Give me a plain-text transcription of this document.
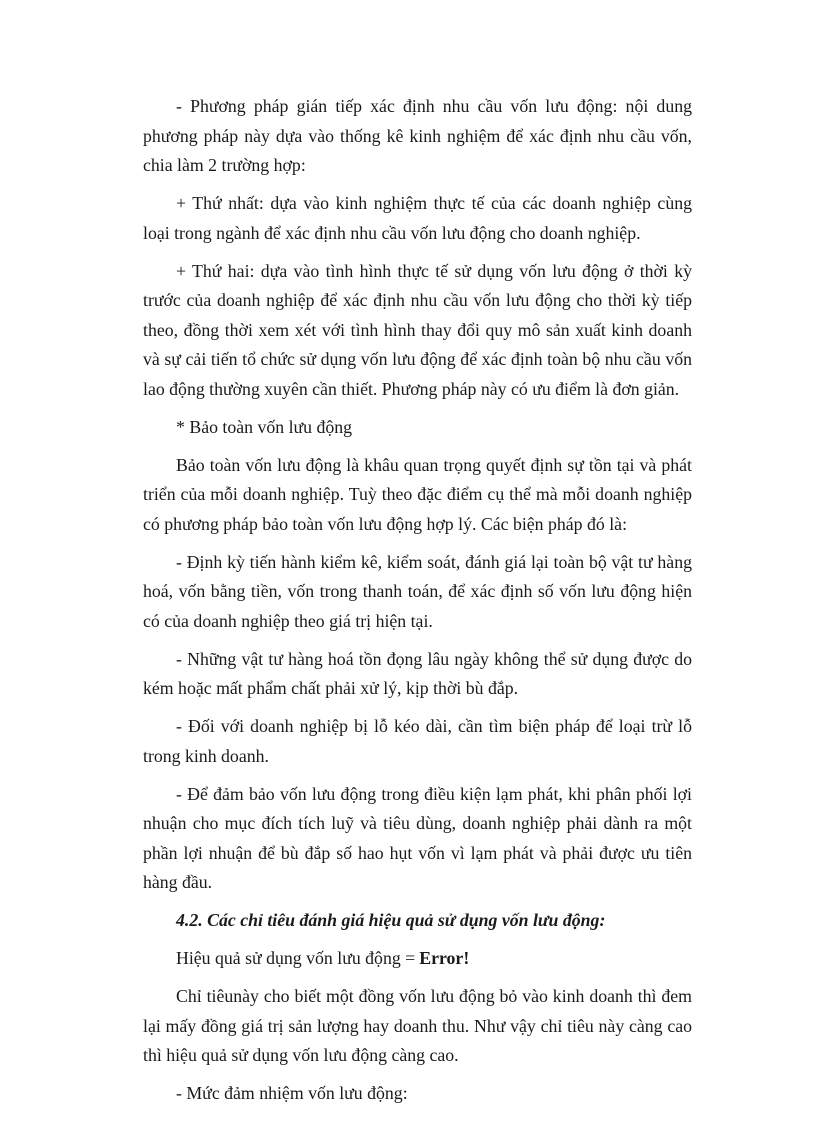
- Phương pháp gián tiếp xác định nhu cầu vốn lưu động: nội dung phương pháp này dựa vào thống kê kinh nghiệm để xác định nhu cầu vốn, chia làm 2 trường hợp:

+ Thứ nhất: dựa vào kinh nghiệm thực tế của các doanh nghiệp cùng loại trong ngành để xác định nhu cầu vốn lưu động cho doanh nghiệp.

+ Thứ hai: dựa vào tình hình thực tế sử dụng vốn lưu động ở thời kỳ trước của doanh nghiệp để xác định nhu cầu vốn lưu động cho thời kỳ tiếp theo, đồng thời xem xét với tình hình thay đổi quy mô sản xuất kinh doanh và sự cải tiến tổ chức sử dụng vốn lưu động để xác định toàn bộ nhu cầu vốn lao động thường xuyên cần thiết. Phương pháp này có ưu điểm là đơn giản.

* Bảo toàn vốn lưu động

Bảo toàn vốn lưu động là khâu quan trọng quyết định sự tồn tại và phát triển của mỗi doanh nghiệp. Tuỳ theo đặc điểm cụ thể mà mỗi doanh nghiệp có phương pháp bảo toàn vốn lưu động hợp lý. Các biện pháp đó là:

- Định kỳ tiến hành kiểm kê, kiểm soát, đánh giá lại toàn bộ vật tư hàng hoá, vốn bằng tiền, vốn trong thanh toán, để xác định số vốn lưu động hiện có của doanh nghiệp theo giá trị hiện tại.

- Những vật tư hàng hoá tồn đọng lâu ngày không thể sử dụng được do kém hoặc mất phẩm chất phải xử lý, kịp thời bù đắp.

- Đối với doanh nghiệp bị lỗ kéo dài, cần tìm biện pháp để loại trừ lỗ trong kinh doanh.

- Để đảm bảo vốn lưu động trong điều kiện lạm phát, khi phân phối lợi nhuận cho mục đích tích luỹ và tiêu dùng, doanh nghiệp phải dành ra một phần lợi nhuận để bù đắp số hao hụt vốn vì lạm phát và phải được ưu tiên hàng đầu.

4.2. Các chỉ tiêu đánh giá hiệu quả sử dụng vốn lưu động:

Hiệu quả sử dụng vốn lưu động = Error!

Chỉ tiêunày cho biết một đồng vốn lưu động bỏ vào kinh doanh thì đem lại mấy đồng giá trị sản lượng hay doanh thu. Như vậy chỉ tiêu này càng cao thì hiệu quả sử dụng vốn lưu động càng cao.

- Mức đảm nhiệm vốn lưu động:
